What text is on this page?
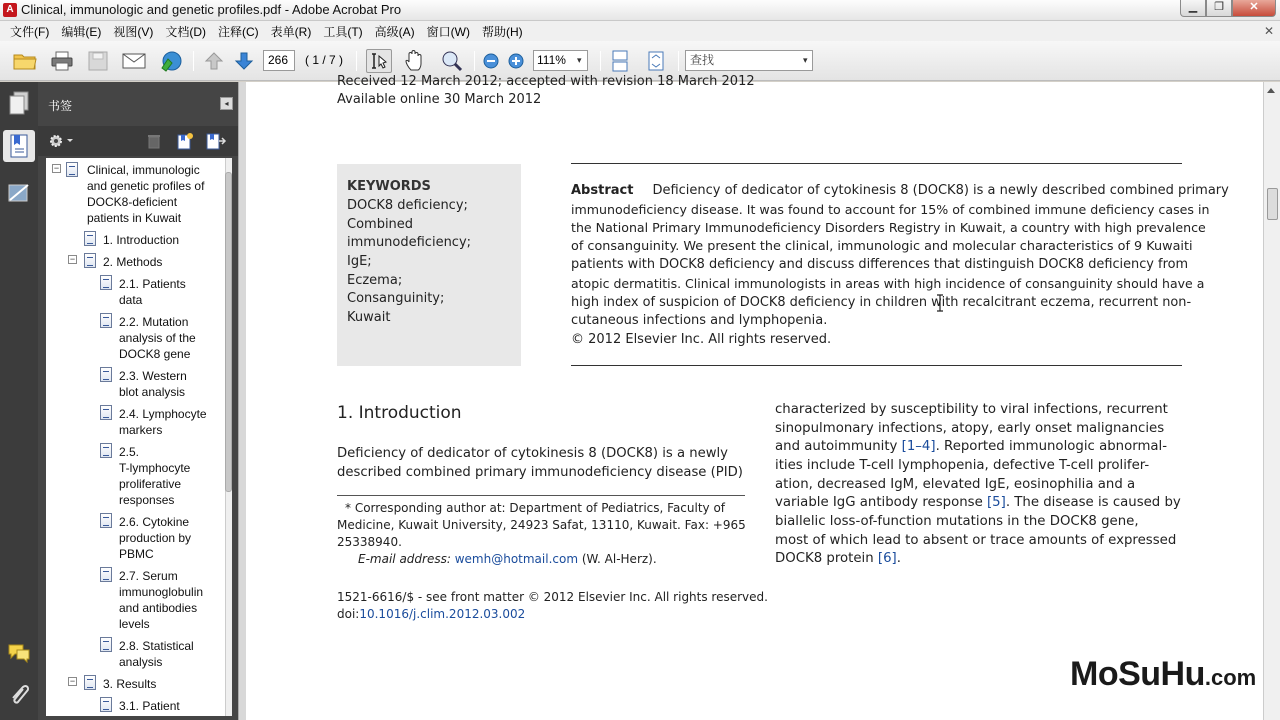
A Clinical, immunologic and genetic profiles.pdf - Adobe Acrobat Pro	▁	❐	✕
文件(F)	编辑(E)	视图(V)	文档(D)	注释(C)	表单(R)	工具(T)	高级(A)	窗口(W)	帮助(H)	✕
266	( 1 / 7 )	111%	▾	查找	▾
书签	◂
− Clinical, immunologic
and genetic profiles of
DOCK8-deficient
patients in Kuwait
1. Introduction
− 2. Methods
2.1. Patients
data
2.2. Mutation
analysis of the
DOCK8 gene
2.3. Western
blot analysis
2.4. Lymphocyte
markers
2.5.
T-lymphocyte
proliferative
responses
2.6. Cytokine
production by
PBMC
2.7. Serum
immunoglobulin
and antibodies
levels
2.8. Statistical
analysis
− 3. Results
3.1. Patient
Received 12 March 2012; accepted with revision 18 March 2012
Available online 30 March 2012
KEYWORDS
DOCK8 deficiency;
Combined
immunodeficiency;
IgE;
Eczema;
Consanguinity;
Kuwait
Abstract Deficiency of dedicator of cytokinesis 8 (DOCK8) is a newly described combined primary
immunodeficiency disease. It was found to account for 15% of combined immune deficiency cases in
the National Primary Immunodeficiency Disorders Registry in Kuwait, a country with high prevalence
of consanguinity. We present the clinical, immunologic and molecular characteristics of 9 Kuwaiti
patients with DOCK8 deficiency and discuss differences that distinguish DOCK8 deficiency from
atopic dermatitis. Clinical immunologists in areas with high incidence of consanguinity should have a
high index of suspicion of DOCK8 deficiency in children with recalcitrant eczema, recurrent non-
cutaneous infections and lymphopenia.
© 2012 Elsevier Inc. All rights reserved.
1. Introduction
Deficiency of dedicator of cytokinesis 8 (DOCK8) is a newly
described combined primary immunodeficiency disease (PID)
* Corresponding author at: Department of Pediatrics, Faculty of
Medicine, Kuwait University, 24923 Safat, 13110, Kuwait. Fax: +965
25338940.
E-mail address: wemh@hotmail.com (W. Al-Herz).
1521-6616/$ - see front matter © 2012 Elsevier Inc. All rights reserved.
doi:10.1016/j.clim.2012.03.002
characterized by susceptibility to viral infections, recurrent
sinopulmonary infections, atopy, early onset malignancies
and autoimmunity [1–4]. Reported immunologic abnormal-
ities include T-cell lymphopenia, defective T-cell prolifer-
ation, decreased IgM, elevated IgE, eosinophilia and a
variable IgG antibody response [5]. The disease is caused by
biallelic loss-of-function mutations in the DOCK8 gene,
most of which lead to absent or trace amounts of expressed
DOCK8 protein [6].
MoSuHu.com
